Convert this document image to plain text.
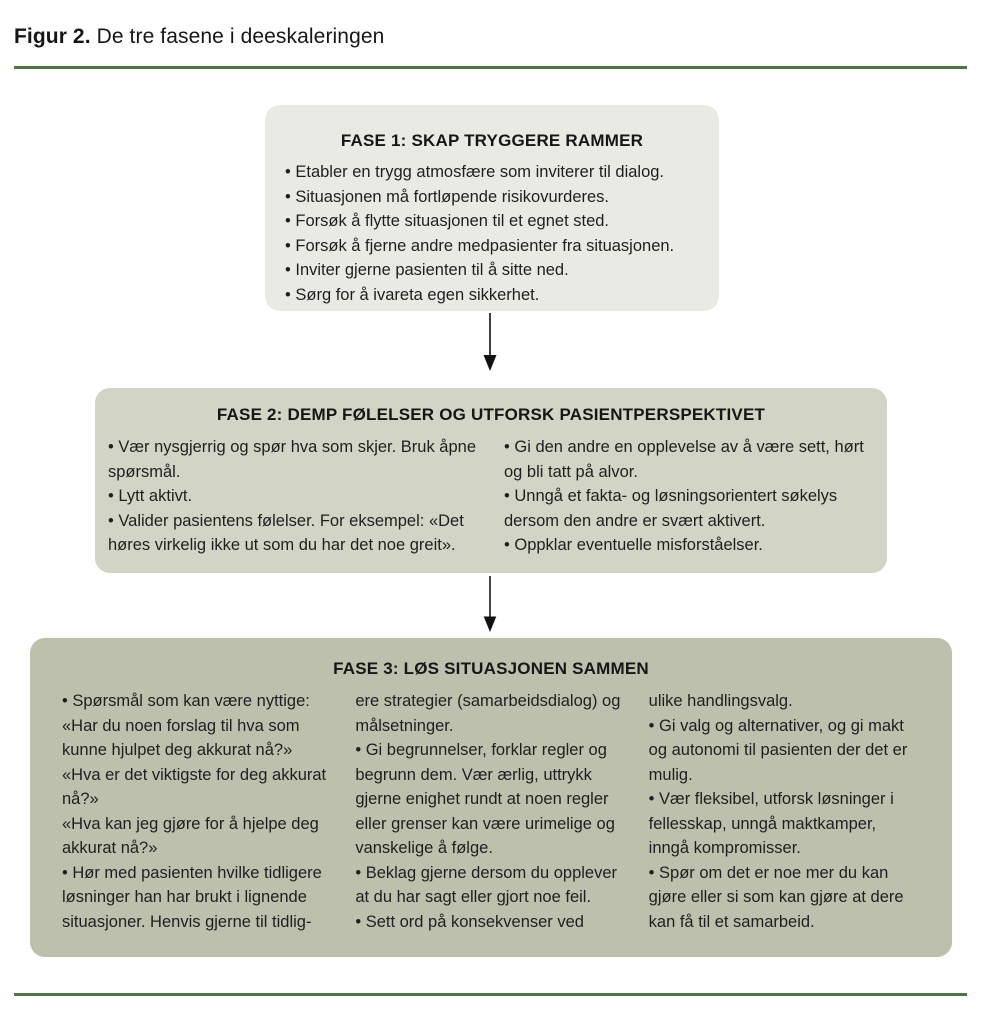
Figur 2. De tre fasene i deeskaleringen
FASE 1: SKAP TRYGGERE RAMMER
• Etabler en trygg atmosfære som inviterer til dialog.
• Situasjonen må fortløpende risikovurderes.
• Forsøk å flytte situasjonen til et egnet sted.
• Forsøk å fjerne andre medpasienter fra situasjonen.
• Inviter gjerne pasienten til å sitte ned.
• Sørg for å ivareta egen sikkerhet.
FASE 2: DEMP FØLELSER OG UTFORSK PASIENTPERSPEKTIVET
• Vær nysgjerrig og spør hva som skjer. Bruk åpne spørsmål.
• Lytt aktivt.
• Valider pasientens følelser. For eksempel: «Det høres virkelig ikke ut som du har det noe greit».
• Gi den andre en opplevelse av å være sett, hørt og bli tatt på alvor.
• Unngå et fakta- og løsningsorientert søkelys dersom den andre er svært aktivert.
• Oppklar eventuelle misforståelser.
FASE 3: LØS SITUASJONEN SAMMEN
• Spørsmål som kan være nyttige: «Har du noen forslag til hva som kunne hjulpet deg akkurat nå?»
«Hva er det viktigste for deg akkurat nå?»
«Hva kan jeg gjøre for å hjelpe deg akkurat nå?»
• Hør med pasienten hvilke tidligere løsninger han har brukt i lignende situasjoner. Henvis gjerne til tidlig-
ere strategier (samarbeidsdialog) og målsetninger.
• Gi begrunnelser, forklar regler og begrunn dem. Vær ærlig, uttrykk gjerne enighet rundt at noen regler eller grenser kan være urimelige og vanskelige å følge.
• Beklag gjerne dersom du opplever at du har sagt eller gjort noe feil.
• Sett ord på konsekvenser ved
ulike handlingsvalg.
• Gi valg og alternativer, og gi makt og autonomi til pasienten der det er mulig.
• Vær fleksibel, utforsk løsninger i fellesskap, unngå maktkamper, inngå kompromisser.
• Spør om det er noe mer du kan gjøre eller si som kan gjøre at dere kan få til et samarbeid.
